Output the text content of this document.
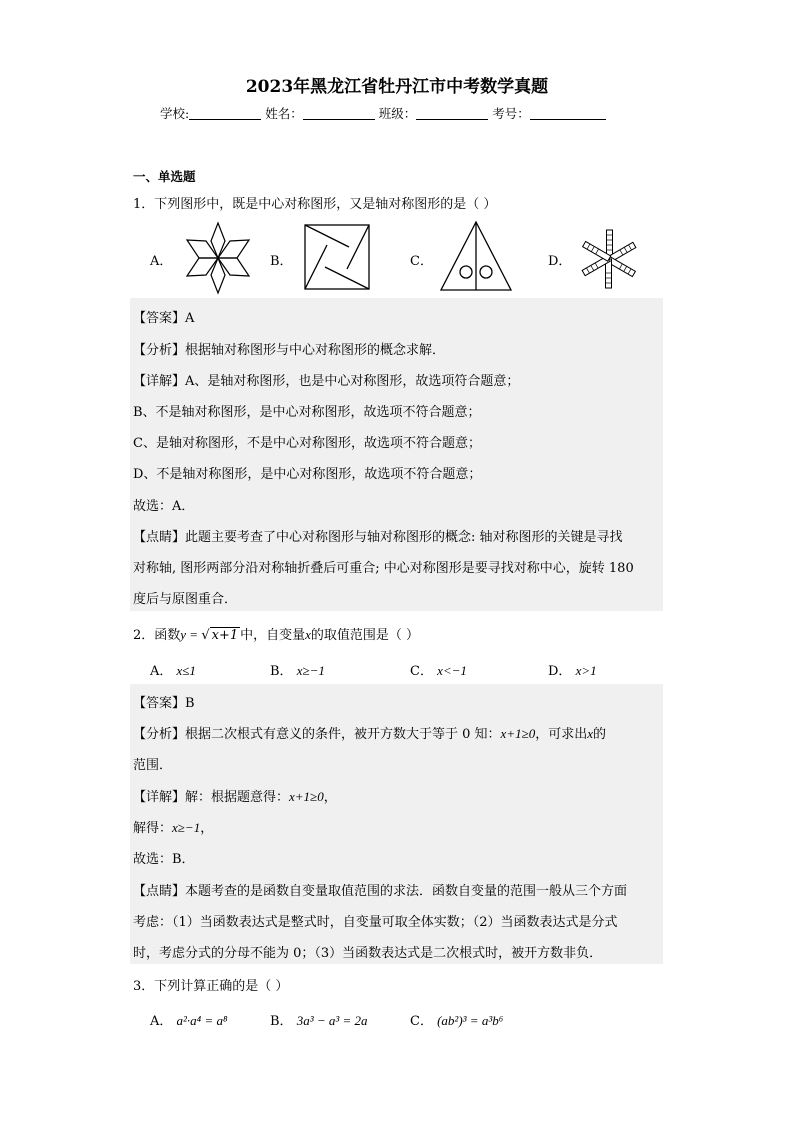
2023年黑龙江省牡丹江市中考数学真题
学校:	姓名：	班级：	考号：
一、单选题
1．下列图形中，既是中心对称图形，又是轴对称图形的是（ ）
A．	B．	C．	D．
【答案】A
【分析】根据轴对称图形与中心对称图形的概念求解．
【详解】A、是轴对称图形，也是中心对称图形，故选项符合题意；
B、不是轴对称图形，是中心对称图形，故选项不符合题意；
C、是轴对称图形，不是中心对称图形，故选项不符合题意；
D、不是轴对称图形，是中心对称图形，故选项不符合题意；
故选：A．
【点睛】此题主要考查了中心对称图形与轴对称图形的概念: 轴对称图形的关键是寻找
对称轴, 图形两部分沿对称轴折叠后可重合; 中心对称图形是要寻找对称中心，旋转 180
度后与原图重合．
2．函数y = √ x+1 中，自变量x的取值范围是（ ）
A． x≤1	B． x≥−1	C． x<−1	D． x>1
【答案】B
【分析】根据二次根式有意义的条件，被开方数大于等于 0 知：x+1≥0，可求出x的
范围．
【详解】解：根据题意得：x+1≥0，
解得：x≥−1，
故选：B．
【点睛】本题考查的是函数自变量取值范围的求法．函数自变量的范围一般从三个方面
考虑：（1）当函数表达式是整式时，自变量可取全体实数；（2）当函数表达式是分式
时，考虑分式的分母不能为 0；（3）当函数表达式是二次根式时，被开方数非负．
3．下列计算正确的是（ ）
A． a²·a⁴ = a⁸	B． 3a³ − a³ = 2a	C． (ab²)³ = a³b⁶
